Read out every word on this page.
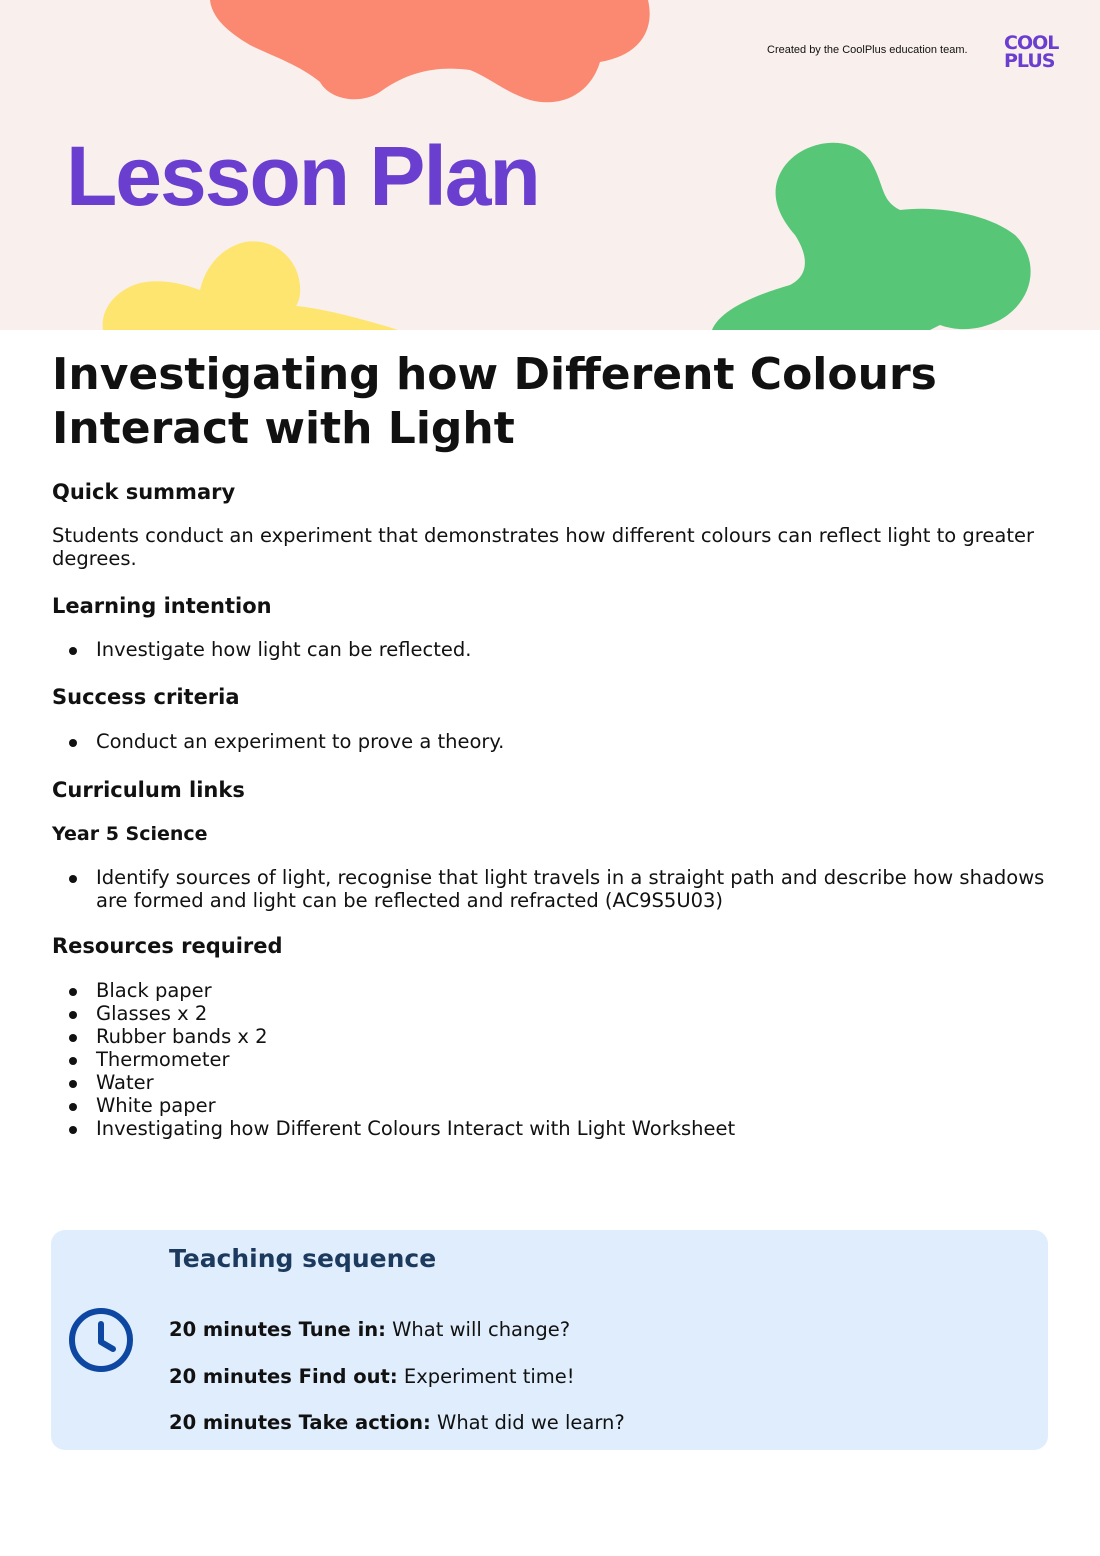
Created by the CoolPlus education team. COOL
PLUS
Lesson Plan
Investigating how Different Colours Interact with Light
Quick summary

Students conduct an experiment that demonstrates how different colours can reflect light to greater degrees.

Learning intention
Investigate how light can be reflected.
Success criteria
Conduct an experiment to prove a theory.
Curriculum links
Year 5 Science
Identify sources of light, recognise that light travels in a straight path and describe how shadows are formed and light can be reflected and refracted (AC9S5U03)
Resources required
Black paper
Glasses x 2
Rubber bands x 2
Thermometer
Water
White paper
Investigating how Different Colours Interact with Light Worksheet
Teaching sequence
20 minutes Tune in: What will change?
20 minutes Find out: Experiment time!
20 minutes Take action: What did we learn?
